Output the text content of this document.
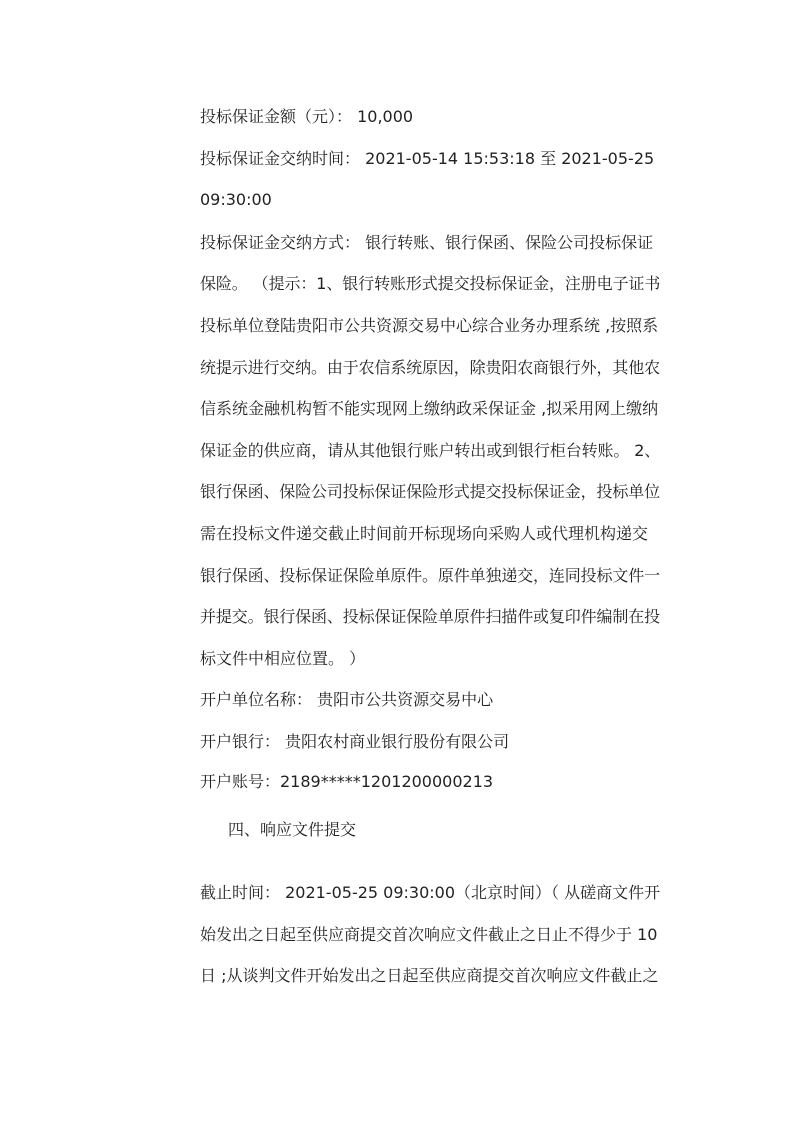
投标保证金额（元）： 10,000
投标保证金交纳时间： 2021-05-14 15:53:18 至 2021-05-25
09:30:00
投标保证金交纳方式： 银行转账、银行保函、保险公司投标保证
保险。 （提示：1、银行转账形式提交投标保证金，注册电子证书
投标单位登陆贵阳市公共资源交易中心综合业务办理系统 ,按照系
统提示进行交纳。由于农信系统原因，除贵阳农商银行外，其他农
信系统金融机构暂不能实现网上缴纳政采保证金 ,拟采用网上缴纳
保证金的供应商，请从其他银行账户转出或到银行柜台转账。 2、
银行保函、保险公司投标保证保险形式提交投标保证金，投标单位
需在投标文件递交截止时间前开标现场向采购人或代理机构递交
银行保函、投标保证保险单原件。原件单独递交，连同投标文件一
并提交。银行保函、投标保证保险单原件扫描件或复印件编制在投
标文件中相应位置。 ）
开户单位名称： 贵阳市公共资源交易中心
开户银行： 贵阳农村商业银行股份有限公司
开户账号：2189*****1201200000213
四、响应文件提交
截止时间： 2021-05-25 09:30:00（北京时间）（ 从磋商文件开
始发出之日起至供应商提交首次响应文件截止之日止不得少于 10
日 ;从谈判文件开始发出之日起至供应商提交首次响应文件截止之
